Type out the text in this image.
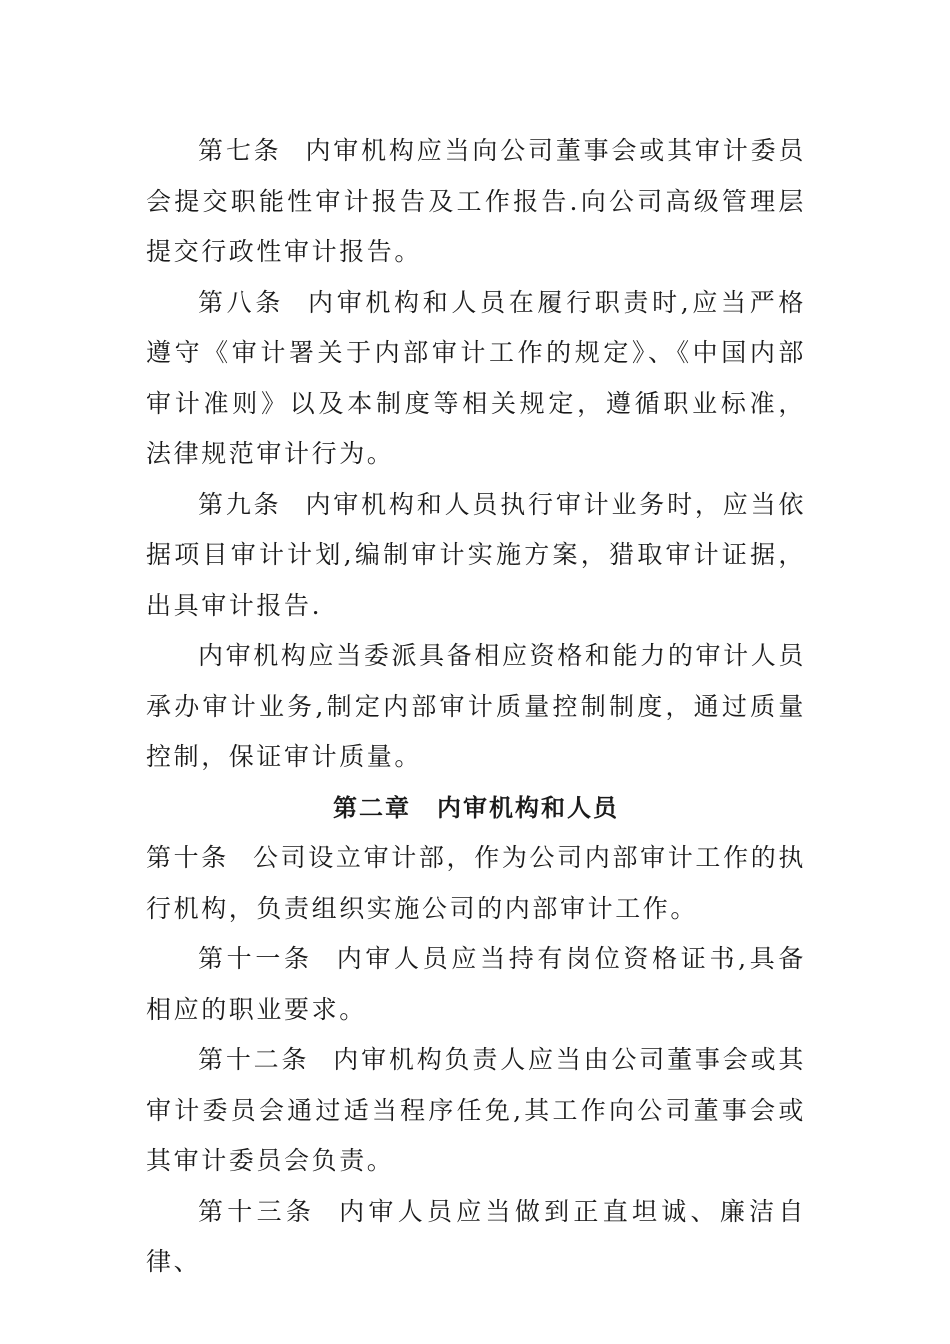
第七条 内审机构应当向公司董事会或其审计委员会提交职能性审计报告及工作报告.向公司高级管理层提交行政性审计报告。

第八条 内审机构和人员在履行职责时,应当严格遵守《审计署关于内部审计工作的规定》、《中国内部审计准则》以及本制度等相关规定，遵循职业标准，法律规范审计行为。

第九条 内审机构和人员执行审计业务时，应当依据项目审计计划,编制审计实施方案，猎取审计证据，出具审计报告.

内审机构应当委派具备相应资格和能力的审计人员承办审计业务,制定内部审计质量控制制度，通过质量控制，保证审计质量。

第二章 内审机构和人员

第十条 公司设立审计部，作为公司内部审计工作的执行机构，负责组织实施公司的内部审计工作。

第十一条 内审人员应当持有岗位资格证书,具备相应的职业要求。

第十二条 内审机构负责人应当由公司董事会或其审计委员会通过适当程序任免,其工作向公司董事会或其审计委员会负责。

第十三条 内审人员应当做到正直坦诚、廉洁自律、
